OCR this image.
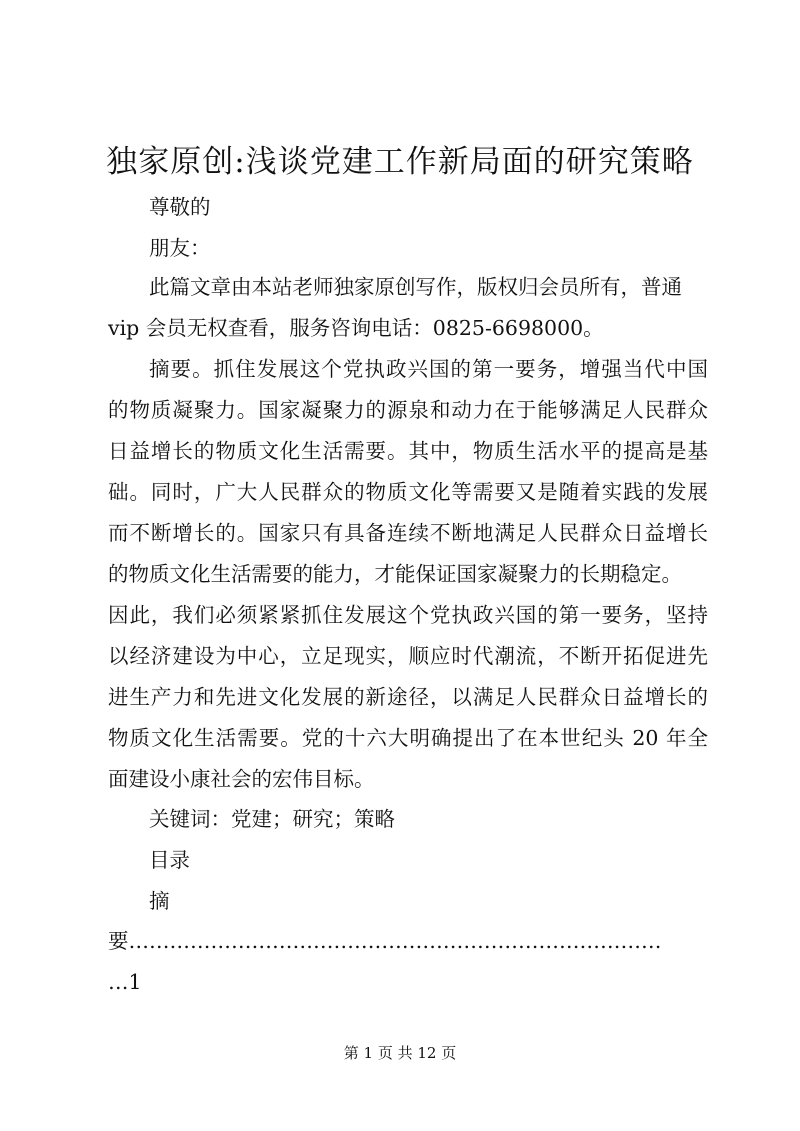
独家原创:浅谈党建工作新局面的研究策略
尊敬的
朋友：
此篇文章由本站老师独家原创写作，版权归会员所有，普通
vip 会员无权查看，服务咨询电话：0825-6698000。
摘要。抓住发展这个党执政兴国的第一要务，增强当代中国
的物质凝聚力。国家凝聚力的源泉和动力在于能够满足人民群众
日益增长的物质文化生活需要。其中，物质生活水平的提高是基
础。同时，广大人民群众的物质文化等需要又是随着实践的发展
而不断增长的。国家只有具备连续不断地满足人民群众日益增长
的物质文化生活需要的能力，才能保证国家凝聚力的长期稳定。
因此，我们必须紧紧抓住发展这个党执政兴国的第一要务，坚持
以经济建设为中心，立足现实，顺应时代潮流，不断开拓促进先
进生产力和先进文化发展的新途径，以满足人民群众日益增长的
物质文化生活需要。党的十六大明确提出了在本世纪头 20 年全
面建设小康社会的宏伟目标。
关键词：党建；研究；策略
目录
摘
要……………………………………………………………………
…1
第 1 页 共 12 页
